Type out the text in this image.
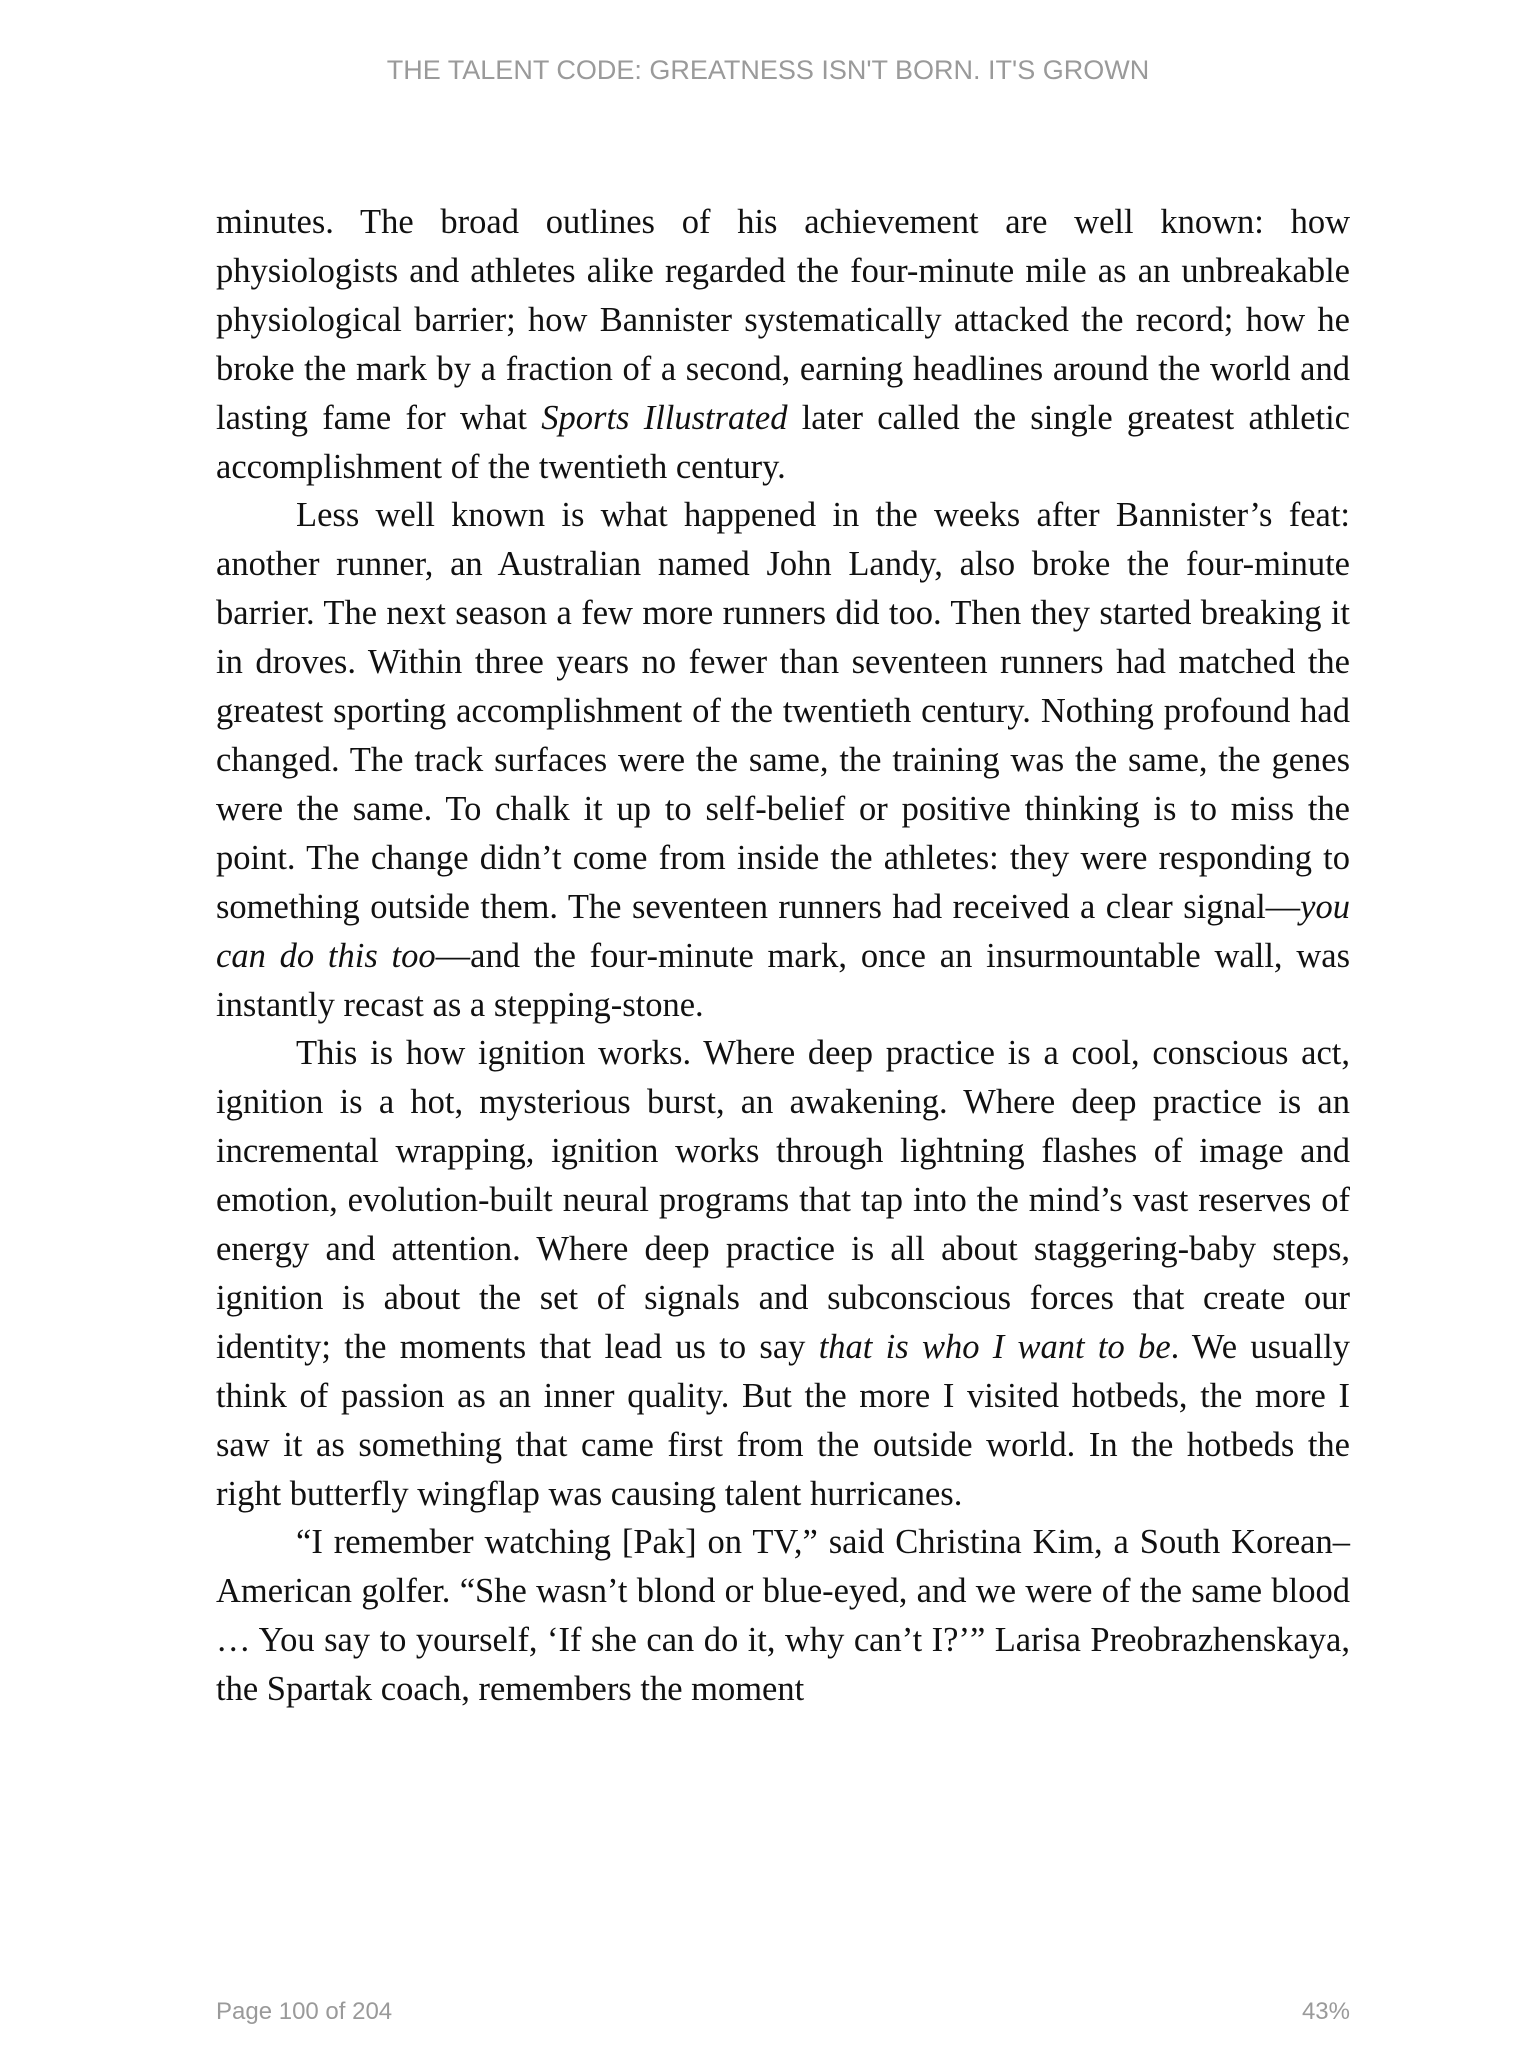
THE TALENT CODE: GREATNESS ISN'T BORN. IT'S GROWN

minutes. The broad outlines of his achievement are well known: how physiologists and athletes alike regarded the four-minute mile as an unbreakable physiological barrier; how Bannister systematically attacked the record; how he broke the mark by a fraction of a second, earning headlines around the world and lasting fame for what Sports Illustrated later called the single greatest athletic accomplishment of the twentieth century.

Less well known is what happened in the weeks after Bannister’s feat: another runner, an Australian named John Landy, also broke the four-minute barrier. The next season a few more runners did too. Then they started breaking it in droves. Within three years no fewer than seventeen runners had matched the greatest sporting accomplishment of the twentieth century. Nothing profound had changed. The track surfaces were the same, the training was the same, the genes were the same. To chalk it up to self-belief or positive thinking is to miss the point. The change didn’t come from inside the athletes: they were responding to something outside them. The seventeen runners had received a clear signal—you can do this too—and the four-minute mark, once an insurmountable wall, was instantly recast as a stepping-stone.

This is how ignition works. Where deep practice is a cool, conscious act, ignition is a hot, mysterious burst, an awakening. Where deep practice is an incremental wrapping, ignition works through lightning flashes of image and emotion, evolution-built neural programs that tap into the mind’s vast reserves of energy and attention. Where deep practice is all about staggering-baby steps, ignition is about the set of signals and subconscious forces that create our identity; the moments that lead us to say that is who I want to be. We usually think of passion as an inner quality. But the more I visited hotbeds, the more I saw it as something that came first from the outside world. In the hotbeds the right butterfly wingflap was causing talent hurricanes.

“I remember watching [Pak] on TV,” said Christina Kim, a South Korean–American golfer. “She wasn’t blond or blue-eyed, and we were of the same blood … You say to yourself, ‘If she can do it, why can’t I?’” Larisa Preobrazhenskaya, the Spartak coach, remembers the moment

Page 100 of 204	43%
